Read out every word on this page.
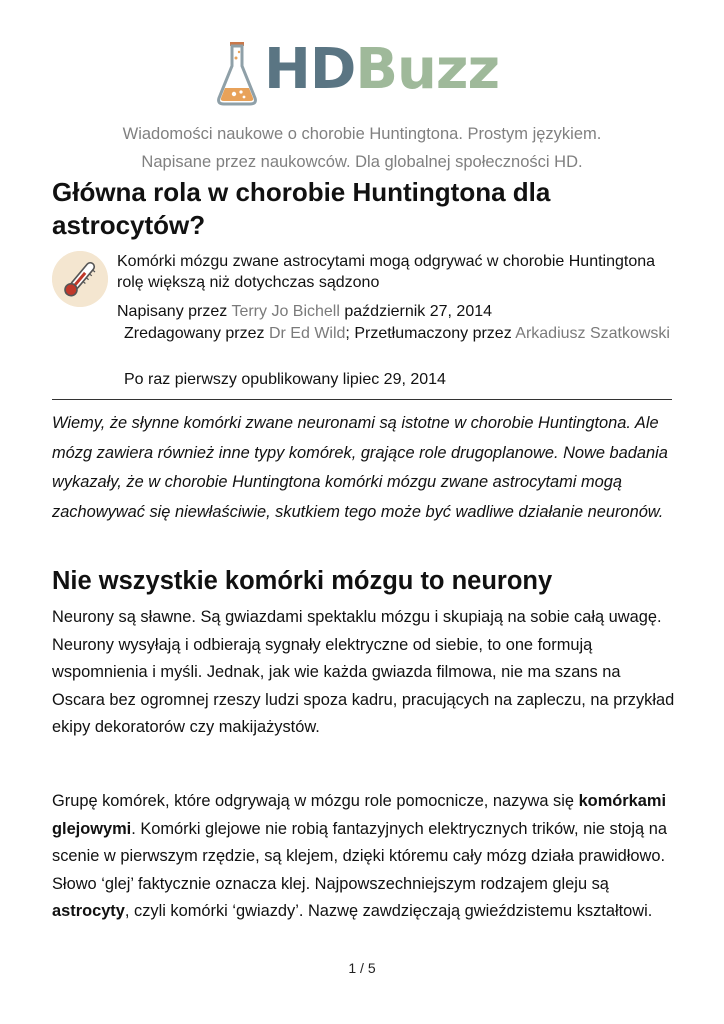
HDBuzz
Wiadomości naukowe o chorobie Huntingtona. Prostym językiem.
Napisane przez naukowców. Dla globalnej społeczności HD.
Główna rola w chorobie Huntingtona dla astrocytów?
Komórki mózgu zwane astrocytami mogą odgrywać w chorobie Huntingtona rolę większą niż dotychczas sądzono
Napisany przez Terry Jo Bichell październik 27, 2014
Zredagowany przez Dr Ed Wild; Przetłumaczony przez Arkadiusz Szatkowski
Po raz pierwszy opublikowany lipiec 29, 2014

Wiemy, że słynne komórki zwane neuronami są istotne w chorobie Huntingtona. Ale mózg zawiera również inne typy komórek, grające role drugoplanowe. Nowe badania wykazały, że w chorobie Huntingtona komórki mózgu zwane astrocytami mogą zachowywać się niewłaściwie, skutkiem tego może być wadliwe działanie neuronów.

Nie wszystkie komórki mózgu to neurony

Neurony są sławne. Są gwiazdami spektaklu mózgu i skupiają na sobie całą uwagę. Neurony wysyłają i odbierają sygnały elektryczne od siebie, to one formują wspomnienia i myśli. Jednak, jak wie każda gwiazda filmowa, nie ma szans na Oscara bez ogromnej rzeszy ludzi spoza kadru, pracujących na zapleczu, na przykład ekipy dekoratorów czy makijażystów.

Grupę komórek, które odgrywają w mózgu role pomocnicze, nazywa się komórkami glejowymi. Komórki glejowe nie robią fantazyjnych elektrycznych trików, nie stoją na scenie w pierwszym rzędzie, są klejem, dzięki któremu cały mózg działa prawidłowo. Słowo ‘glej’ faktycznie oznacza klej. Najpowszechniejszym rodzajem gleju są astrocyty, czyli komórki ‘gwiazdy’. Nazwę zawdzięczają gwieździstemu kształtowi.

1 / 5
